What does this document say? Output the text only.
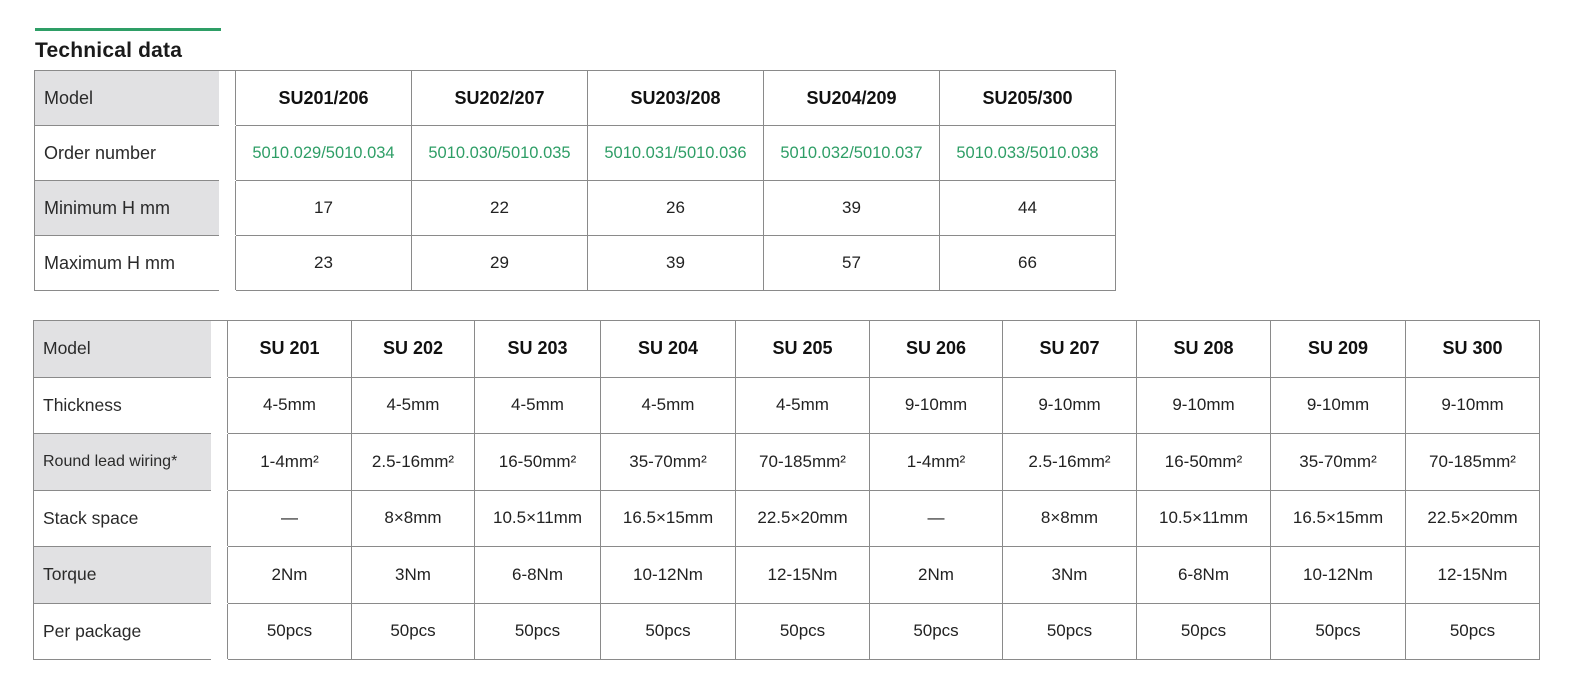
Technical data
Model		SU201/206	SU202/207	SU203/208	SU204/209	SU205/300
Order number		5010.029/5010.034	5010.030/5010.035	5010.031/5010.036	5010.032/5010.037	5010.033/5010.038
Minimum H mm		17	22	26	39	44
Maximum H mm		23	29	39	57	66
Model		SU 201	SU 202	SU 203	SU 204	SU 205	SU 206	SU 207	SU 208	SU 209	SU 300
Thickness		4-5mm	4-5mm	4-5mm	4-5mm	4-5mm	9-10mm	9-10mm	9-10mm	9-10mm	9-10mm
Round lead wiring*		1-4mm²	2.5-16mm²	16-50mm²	35-70mm²	70-185mm²	1-4mm²	2.5-16mm²	16-50mm²	35-70mm²	70-185mm²
Stack space		—	8×8mm	10.5×11mm	16.5×15mm	22.5×20mm	—	8×8mm	10.5×11mm	16.5×15mm	22.5×20mm
Torque		2Nm	3Nm	6-8Nm	10-12Nm	12-15Nm	2Nm	3Nm	6-8Nm	10-12Nm	12-15Nm
Per package		50pcs	50pcs	50pcs	50pcs	50pcs	50pcs	50pcs	50pcs	50pcs	50pcs
